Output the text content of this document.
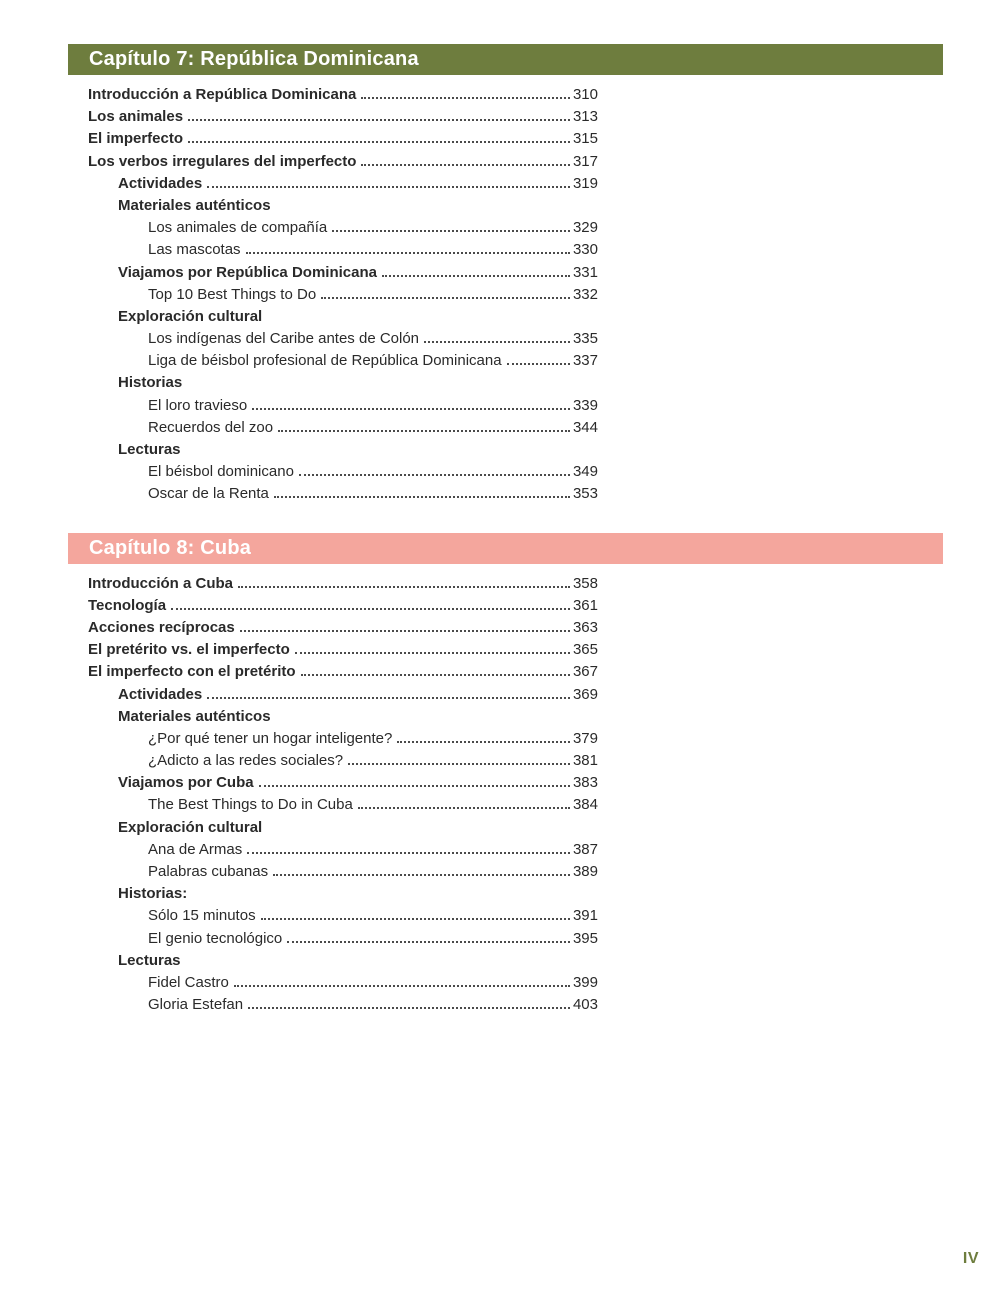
Capítulo 7: República Dominicana
Introducción a República Dominicana	310
Los animales	313
El imperfecto	315
Los verbos irregulares del imperfecto	317
Actividades	319
Materiales auténticos
Los animales de compañía	329
Las mascotas	330
Viajamos por República Dominicana	331
Top 10 Best Things to Do	332
Exploración cultural
Los indígenas del Caribe antes de Colón	335
Liga de béisbol profesional de República Dominicana	337
Historias
El loro travieso	339
Recuerdos del zoo	344
Lecturas
El béisbol dominicano	349
Oscar de la Renta	353
Capítulo 8: Cuba
Introducción a Cuba	358
Tecnología	361
Acciones recíprocas	363
El pretérito vs. el imperfecto	365
El imperfecto con el pretérito	367
Actividades	369
Materiales auténticos
¿Por qué tener un hogar inteligente?	379
¿Adicto a las redes sociales?	381
Viajamos por Cuba	383
The Best Things to Do in Cuba	384
Exploración cultural
Ana de Armas	387
Palabras cubanas	389
Historias:
Sólo 15 minutos	391
El genio tecnológico	395
Lecturas
Fidel Castro	399
Gloria Estefan	403
IV
